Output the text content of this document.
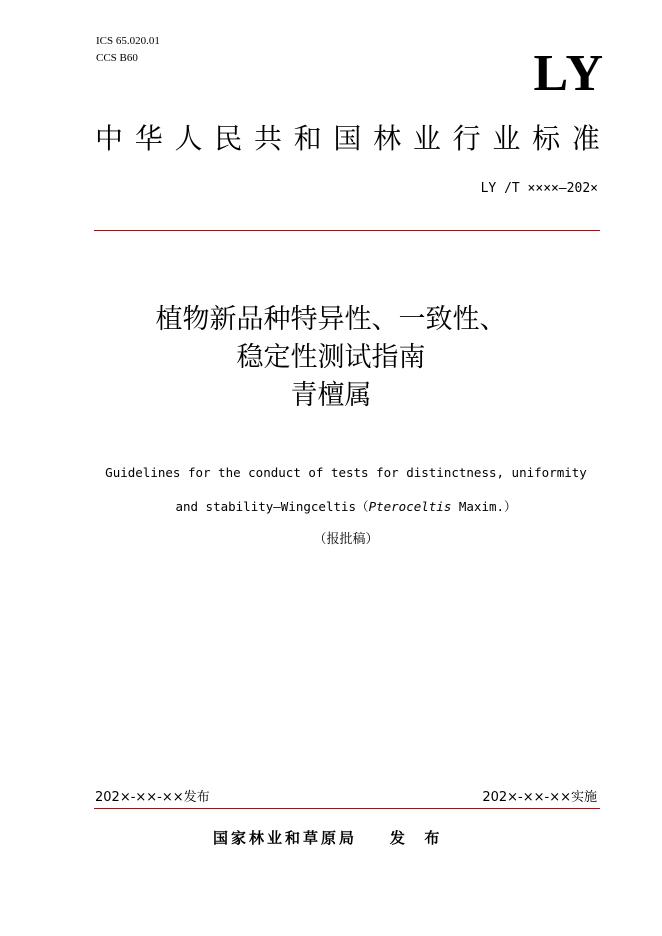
ICS 65.020.01
CCS B60	LY
中 华 人 民 共 和 国 林 业 行 业 标 准
LY /T ××××—202×
植物新品种特异性、一致性、
稳定性测试指南
青檀属
Guidelines for the conduct of tests for distinctness, uniformity
and stability—Wingceltis（Pteroceltis Maxim.）
（报批稿）
202×-××-××发布	202×-××-××实施
国家林业和草原局    发  布
